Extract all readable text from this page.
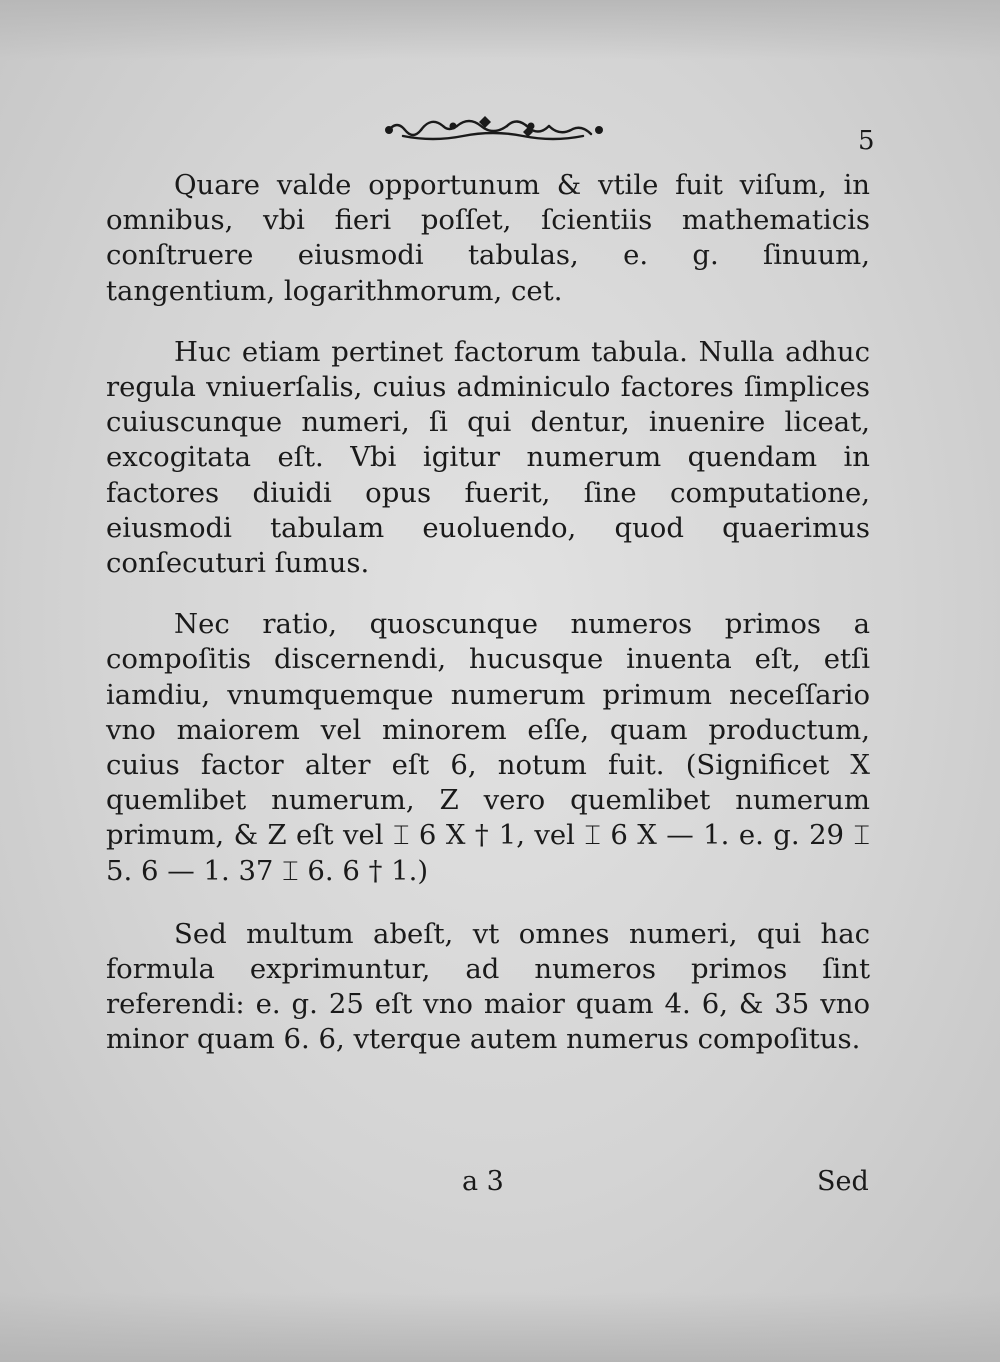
5

Quare valde opportunum & vtile fuit viſum, in omnibus, vbi fieri poſſet, ſcientiis mathematicis conſtruere eiusmodi tabulas, e. g. ſinuum, tangentium, logarithmorum, cet.

Huc etiam pertinet factorum tabula. Nulla adhuc regula vniuerſalis, cuius adminiculo factores ſimplices cuiuscunque numeri, ſi qui dentur, inuenire liceat, excogitata eſt. Vbi igitur numerum quendam in factores diuidi opus fuerit, ſine computatione, eiusmodi tabulam euoluendo, quod quaerimus conſecuturi ſumus.

Nec ratio, quoscunque numeros primos a compoſitis discernendi, hucusque inuenta eſt, etſi iamdiu, vnumquemque numerum primum neceſſario vno maiorem vel minorem eſſe, quam productum, cuius factor alter eſt 6, notum fuit. (Significet X quemlibet numerum, Z vero quemlibet numerum primum, & Z eſt vel ⌶ 6 X † 1, vel ⌶ 6 X — 1. e. g. 29 ⌶ 5. 6 — 1. 37 ⌶ 6. 6 † 1.)

Sed multum abeſt, vt omnes numeri, qui hac formula exprimuntur, ad numeros primos ſint referendi: e. g. 25 eſt vno maior quam 4. 6, & 35 vno minor quam 6. 6, vterque autem numerus compoſitus.

a 3	Sed
